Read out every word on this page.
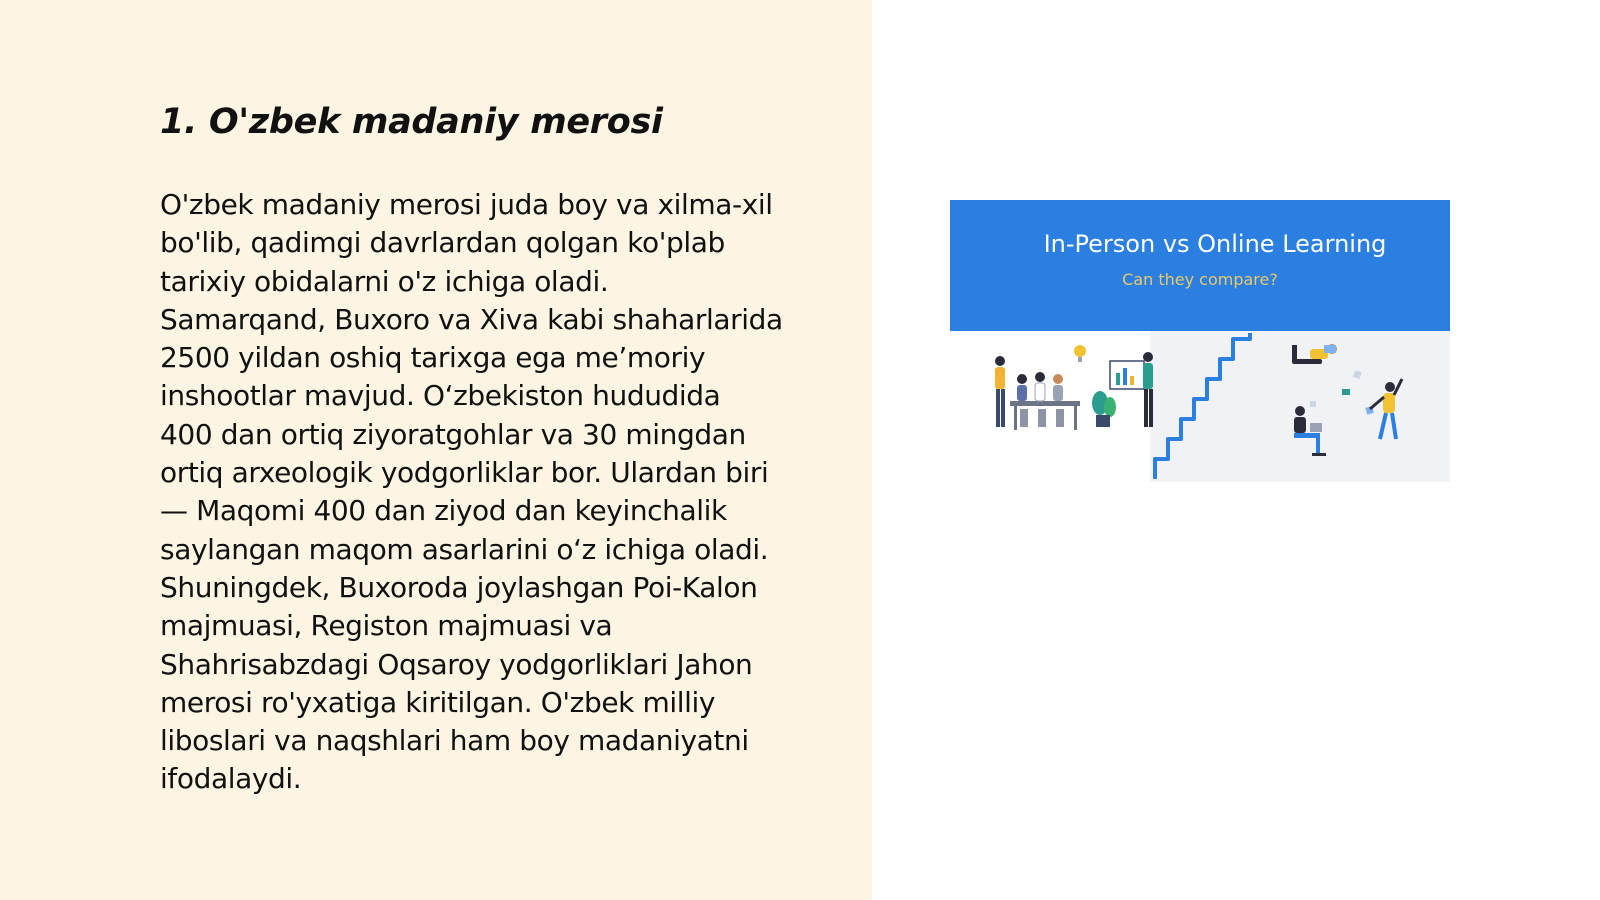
1. O'zbek madaniy merosi

O'zbek madaniy merosi juda boy va xilma-xil
bo'lib, qadimgi davrlardan qolgan ko'plab
tarixiy obidalarni o'z ichiga oladi.
Samarqand, Buxoro va Xiva kabi shaharlarida
2500 yildan oshiq tarixga ega me’moriy
inshootlar mavjud. O‘zbekiston hududida
400 dan ortiq ziyoratgohlar va 30 mingdan
ortiq arxeologik yodgorliklar bor. Ulardan biri
— Maqomi 400 dan ziyod dan keyinchalik
saylangan maqom asarlarini o‘z ichiga oladi.
Shuningdek, Buxoroda joylashgan Poi-Kalon
majmuasi, Registon majmuasi va
Shahrisabzdagi Oqsaroy yodgorliklari Jahon
merosi ro'yxatiga kiritilgan. O'zbek milliy
liboslari va naqshlari ham boy madaniyatni
ifodalaydi.

In-Person vs Online Learning
Can they compare?
